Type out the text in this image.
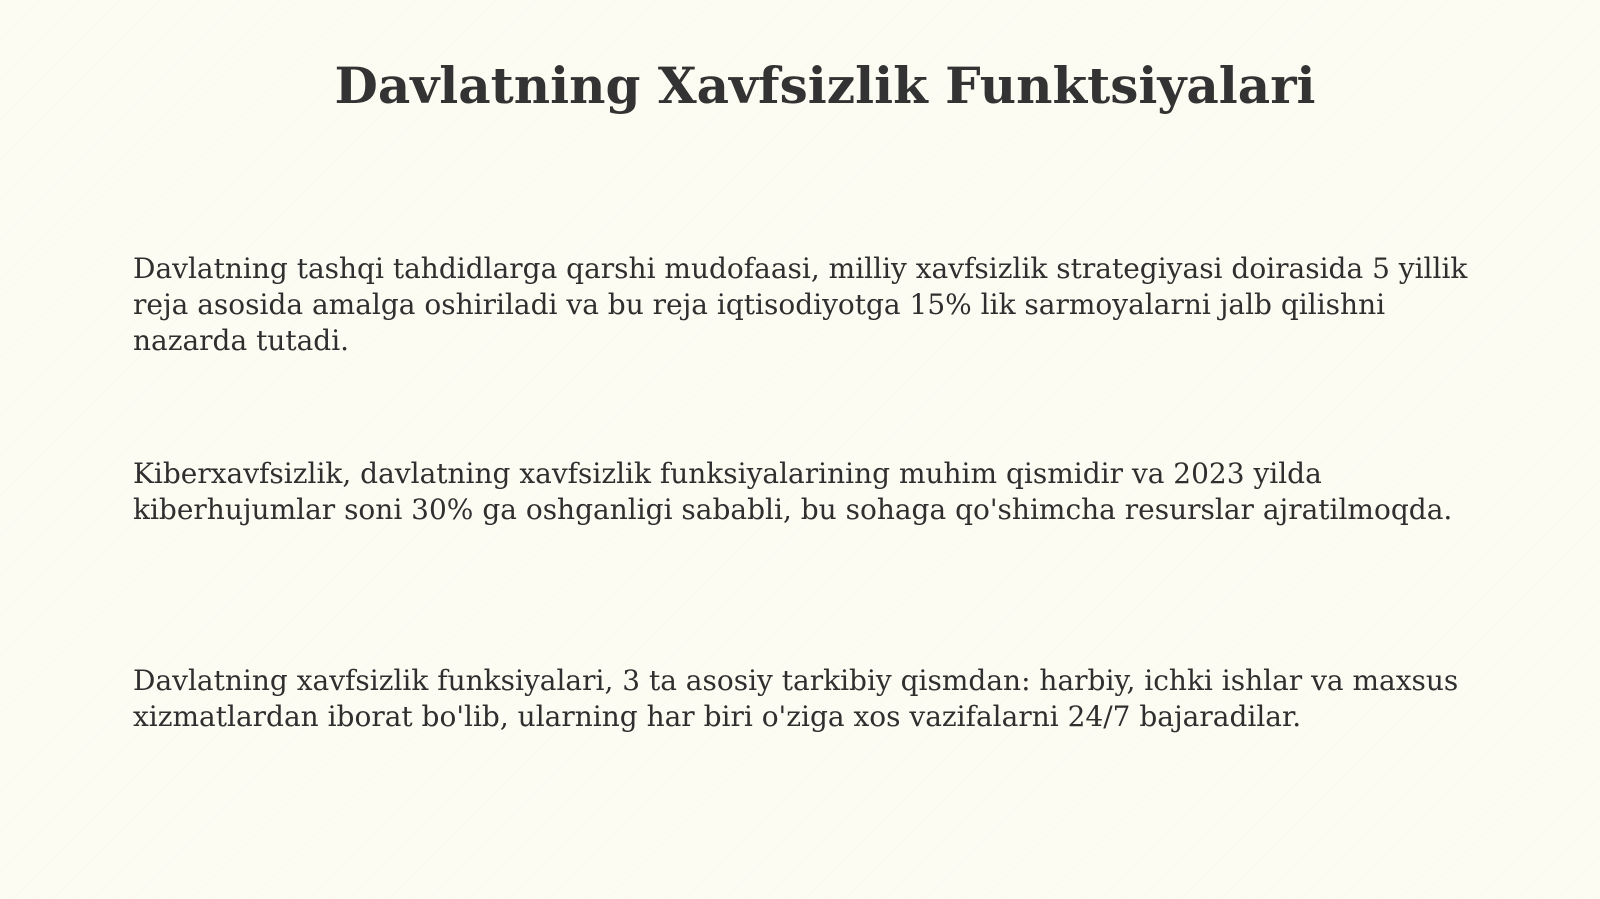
Davlatning Xavfsizlik Funktsiyalari

Davlatning tashqi tahdidlarga qarshi mudofaasi, milliy xavfsizlik strategiyasi doirasida 5 yillik reja asosida amalga oshiriladi va bu reja iqtisodiyotga 15% lik sarmoyalarni jalb qilishni nazarda tutadi.

Kiberxavfsizlik, davlatning xavfsizlik funksiyalarining muhim qismidir va 2023 yilda kiberhujumlar soni 30% ga oshganligi sababli, bu sohaga qo'shimcha resurslar ajratilmoqda.

Davlatning xavfsizlik funksiyalari, 3 ta asosiy tarkibiy qismdan: harbiy, ichki ishlar va maxsus xizmatlardan iborat bo'lib, ularning har biri o'ziga xos vazifalarni 24/7 bajaradilar.
